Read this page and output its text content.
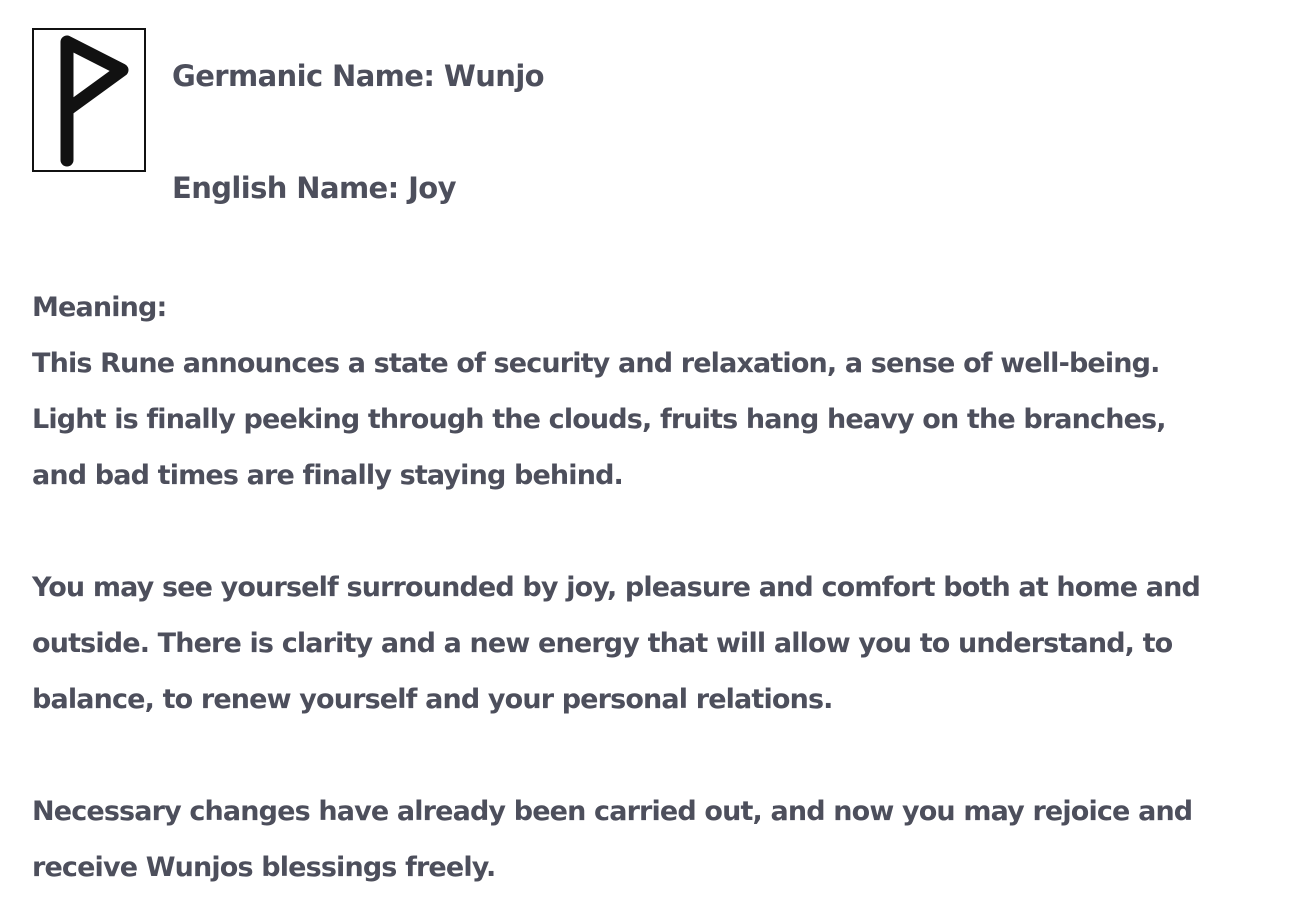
Germanic Name: Wunjo
English Name: Joy

Meaning:

This Rune announces a state of security and relaxation, a sense of well-being.

Light is finally peeking through the clouds, fruits hang heavy on the branches,

and bad times are finally staying behind.

You may see yourself surrounded by joy, pleasure and comfort both at home and

outside. There is clarity and a new energy that will allow you to understand, to

balance, to renew yourself and your personal relations.

Necessary changes have already been carried out, and now you may rejoice and

receive Wunjos blessings freely.
